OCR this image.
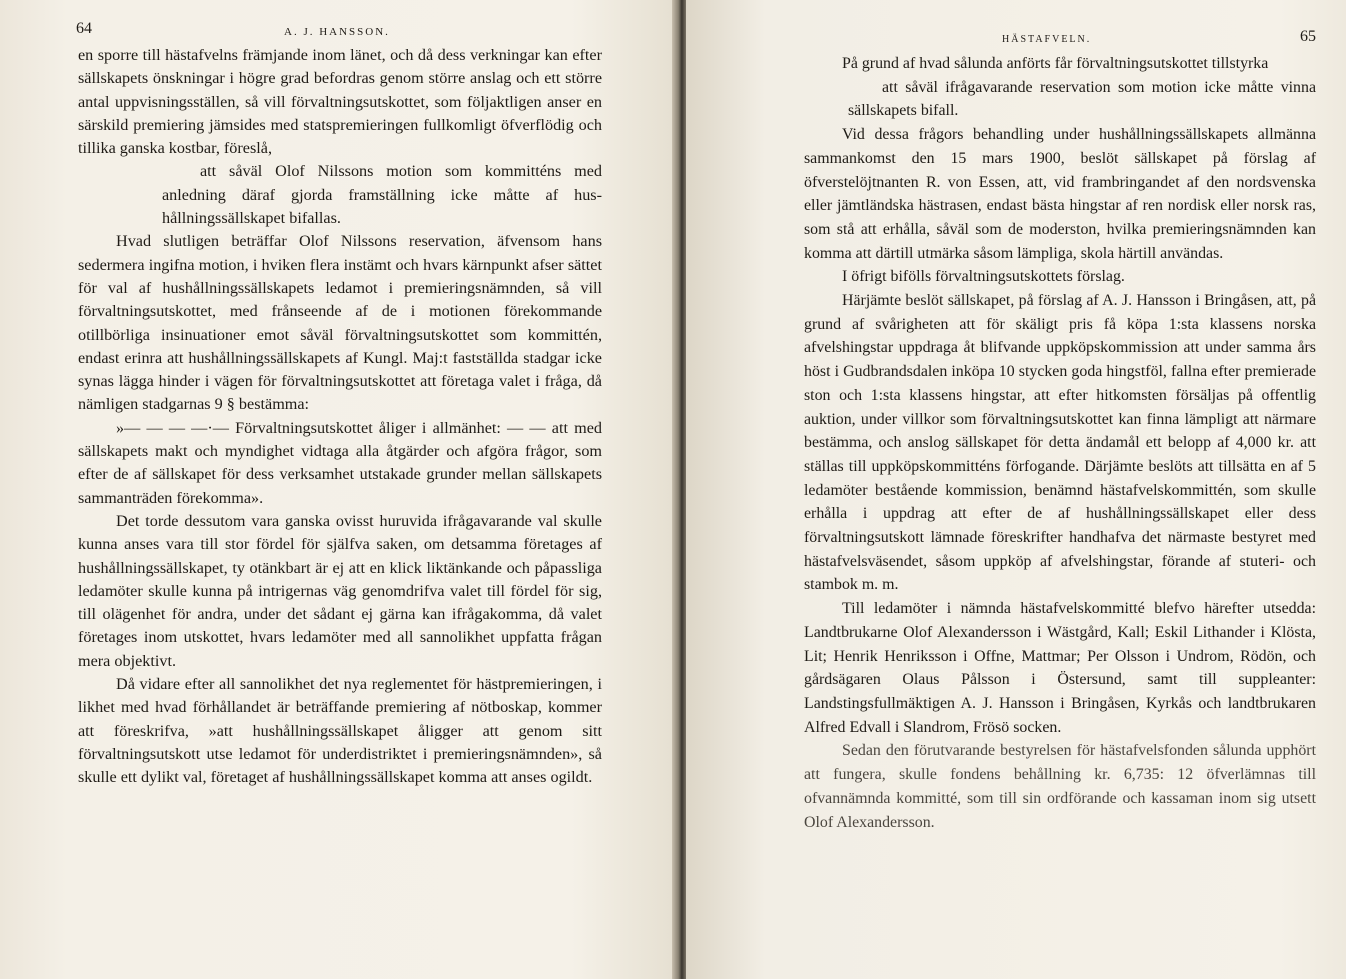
64	A. J. HANSSON.

en sporre till hästafvelns främjande inom länet, och då dess verkningar kan efter sällskapets önskningar i högre grad befordras genom större anslag och ett större antal uppvisningsställen, så vill förvaltningsutskottet, som följaktligen anser en särskild premiering jämsides med statspremieringen fullkomligt öfverflödig och tillika ganska kostbar, föreslå,

att såväl Olof Nilssons motion som kommitténs med anledning däraf gjorda framställning icke måtte af hushållningssällskapet bifallas.

Hvad slutligen beträffar Olof Nilssons reservation, äfvensom hans sedermera ingifna motion, i hviken flera instämt och hvars kärnpunkt afser sättet för val af hushållningssällskapets ledamot i premieringsnämnden, så vill förvaltningsutskottet, med frånseende af de i motionen förekommande otillbörliga insinuationer emot såväl förvaltningsutskottet som kommittén, endast erinra att hushållningssällskapets af Kungl. Maj:t fastställda stadgar icke synas lägga hinder i vägen för förvaltningsutskottet att företaga valet i fråga, då nämligen stadgarnas 9 § bestämma:

»— — — —·— Förvaltningsutskottet åliger i allmänhet: — — att med sällskapets makt och myndighet vidtaga alla åtgärder och afgöra frågor, som efter de af sällskapet för dess verksamhet utstakade grunder mellan sällskapets sammanträden förekomma».

Det torde dessutom vara ganska ovisst huruvida ifrågavarande val skulle kunna anses vara till stor fördel för själfva saken, om detsamma företages af hushållningssällskapet, ty otänkbart är ej att en klick liktänkande och påpassliga ledamöter skulle kunna på intrigernas väg genomdrifva valet till fördel för sig, till olägenhet för andra, under det sådant ej gärna kan ifrågakomma, då valet företages inom utskottet, hvars ledamöter med all sannolikhet uppfatta frågan mera objektivt.

Då vidare efter all sannolikhet det nya reglementet för hästpremieringen, i likhet med hvad förhållandet är beträffande premiering af nötboskap, kommer att föreskrifva, »att hushållningssällskapet åligger att genom sitt förvaltningsutskott utse ledamot för underdistriktet i premieringsnämnden», så skulle ett dylikt val, företaget af hushållningssällskapet komma att anses ogildt.

HÄSTAFVELN.	65

På grund af hvad sålunda anförts får förvaltningsutskottet tillstyrka

att såväl ifrågavarande reservation som motion icke måtte vinna sällskapets bifall.

Vid dessa frågors behandling under hushållningssällskapets allmänna sammankomst den 15 mars 1900, beslöt sällskapet på förslag af öfverstelöjtnanten R. von Essen, att, vid frambringandet af den nordsvenska eller jämtländska hästrasen, endast bästa hingstar af ren nordisk eller norsk ras, som stå att erhålla, såväl som de moderston, hvilka premieringsnämnden kan komma att därtill utmärka såsom lämpliga, skola härtill användas.

I öfrigt bifölls förvaltningsutskottets förslag.

Härjämte beslöt sällskapet, på förslag af A. J. Hansson i Bringåsen, att, på grund af svårigheten att för skäligt pris få köpa 1:sta klassens norska afvelshingstar uppdraga åt blifvande uppköpskommission att under samma års höst i Gudbrandsdalen inköpa 10 stycken goda hingstföl, fallna efter premierade ston och 1:sta klassens hingstar, att efter hitkomsten försäljas på offentlig auktion, under villkor som förvaltningsutskottet kan finna lämpligt att närmare bestämma, och anslog sällskapet för detta ändamål ett belopp af 4,000 kr. att ställas till uppköpskommitténs förfogande. Därjämte beslöts att tillsätta en af 5 ledamöter bestående kommission, benämnd hästafvelskommittén, som skulle erhålla i uppdrag att efter de af hushållningssällskapet eller dess förvaltningsutskott lämnade föreskrifter handhafva det närmaste bestyret med hästafvelsväsendet, såsom uppköp af afvelshingstar, förande af stuteri- och stambok m. m.

Till ledamöter i nämnda hästafvelskommitté blefvo härefter utsedda: Landtbrukarne Olof Alexandersson i Wästgård, Kall; Eskil Lithander i Klösta, Lit; Henrik Henriksson i Offne, Mattmar; Per Olsson i Undrom, Rödön, och gårdsägaren Olaus Pålsson i Östersund, samt till suppleanter: Landstingsfullmäktigen A. J. Hansson i Bringåsen, Kyrkås och landtbrukaren Alfred Edvall i Slandrom, Frösö socken.

Sedan den förutvarande bestyrelsen för hästafvelsfonden sålunda upphört att fungera, skulle fondens behållning kr. 6,735: 12 öfverlämnas till ofvannämnda kommitté, som till sin ordförande och kassaman inom sig utsett Olof Alexandersson.
